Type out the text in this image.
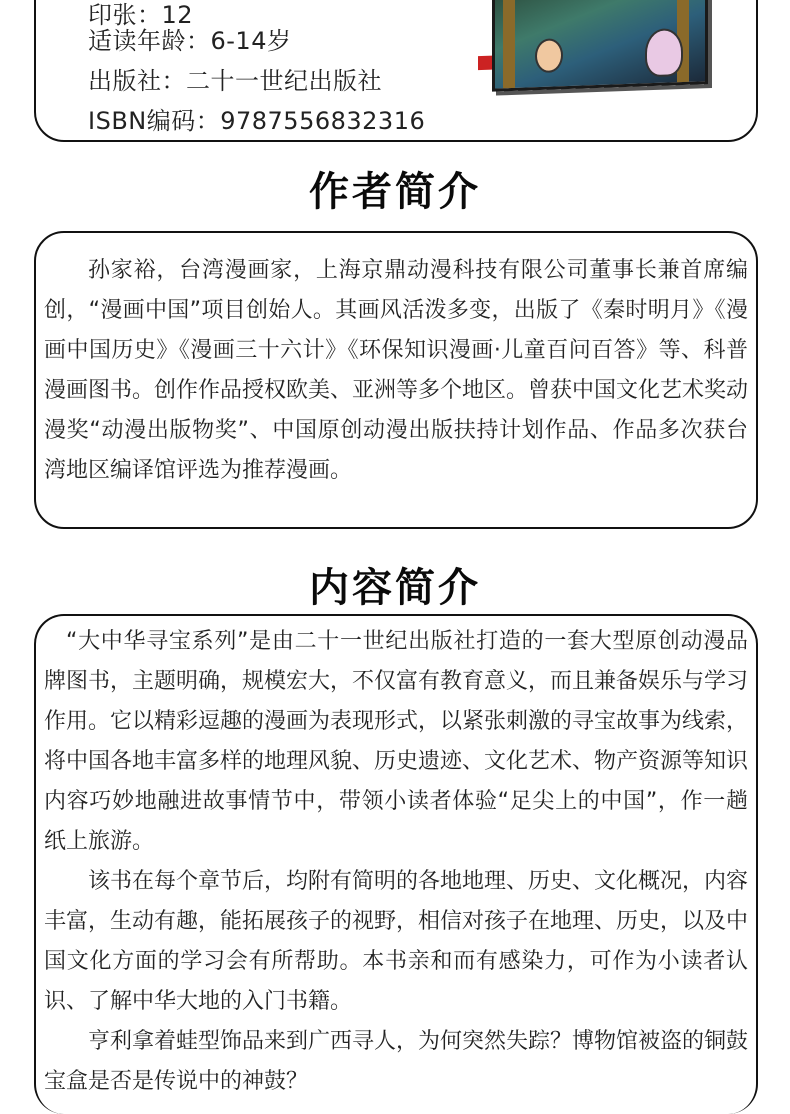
印张：12
适读年龄：6-14岁
出版社：二十一世纪出版社
ISBN编码：9787556832316
作者简介

孙家裕，台湾漫画家，上海京鼎动漫科技有限公司董事长兼首席编创，“漫画中国”项目创始人。其画风活泼多变，出版了《秦时明月》《漫画中国历史》《漫画三十六计》《环保知识漫画·儿童百问百答》等、科普漫画图书。创作作品授权欧美、亚洲等多个地区。曾获中国文化艺术奖动漫奖“动漫出版物奖”、中国原创动漫出版扶持计划作品、作品多次获台湾地区编译馆评选为推荐漫画。

内容简介

“大中华寻宝系列”是由二十一世纪出版社打造的一套大型原创动漫品牌图书，主题明确，规模宏大，不仅富有教育意义，而且兼备娱乐与学习作用。它以精彩逗趣的漫画为表现形式，以紧张刺激的寻宝故事为线索，将中国各地丰富多样的地理风貌、历史遗迹、文化艺术、物产资源等知识内容巧妙地融进故事情节中，带领小读者体验“足尖上的中国”，作一趟纸上旅游。

该书在每个章节后，均附有简明的各地地理、历史、文化概况，内容丰富，生动有趣，能拓展孩子的视野，相信对孩子在地理、历史，以及中国文化方面的学习会有所帮助。本书亲和而有感染力，可作为小读者认识、了解中华大地的入门书籍。

亨利拿着蛙型饰品来到广西寻人，为何突然失踪？博物馆被盗的铜鼓宝盒是否是传说中的神鼓？
